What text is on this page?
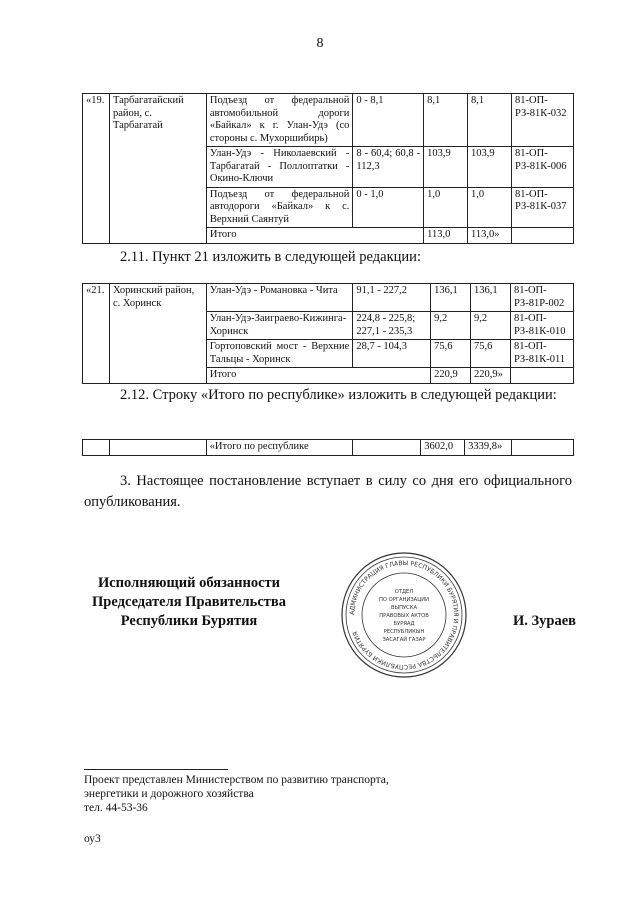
8
«19.	Тарбагатайский район, с. Тарбагатай	Подъезд от федеральной автомобильной дороги «Байкал» к г. Улан-Удэ (со стороны с. Мухоршибирь)	0 - 8,1	8,1	8,1	81-ОП-РЗ-81К-032
		Улан-Удэ - Николаевский - Тарбагатай - Поллоптатки - Окино-Ключи	8 - 60,4; 60,8 - 112,3	103,9	103,9	81-ОП-РЗ-81К-006
		Подъезд от федеральной автодороги «Байкал» к с. Верхний Саянтуй	0 - 1,0	1,0	1,0	81-ОП-РЗ-81К-037
		Итого		113,0	113,0»	
2.11. Пункт 21 изложить в следующей редакции:
«21.	Хоринский район, с. Хоринск	Улан-Удэ - Романовка - Чита	91,1 - 227,2	136,1	136,1	81-ОП-РЗ-81Р-002
		Улан-Удэ-Заиграево-Кижинга-Хоринск	224,8 - 225,8; 227,1 - 235,3	9,2	9,2	81-ОП-РЗ-81К-010
		Гортоповский мост - Верхние Тальцы - Хоринск	28,7 - 104,3	75,6	75,6	81-ОП-РЗ-81К-011
		Итого		220,9	220,9»	
2.12. Строку «Итого по республике» изложить в следующей редакции:
		«Итого по республике		3602,0	3339,8»	
3. Настоящее постановление вступает в силу со дня его официального опубликования.
Исполняющий обязанности
Председателя Правительства
Республики Бурятия
АДМИНИСТРАЦИЯ ГЛАВЫ РЕСПУБЛИКИ БУРЯТИЯ И ПРАВИТЕЛЬСТВА РЕСПУБЛИКИ БУРЯТИЯ
ОТДЕЛ
ПО ОРГАНИЗАЦИИ
ВЫПУСКА
ПРАВОВЫХ АКТОВ
БУРЯАД
РЕСПУБЛИКЫН
ЗАСАГАЙ ГАЗАР
И. Зураев
Проект представлен Министерством по развитию транспорта,
энергетики и дорожного хозяйства
тел. 44-53-36
оу3
